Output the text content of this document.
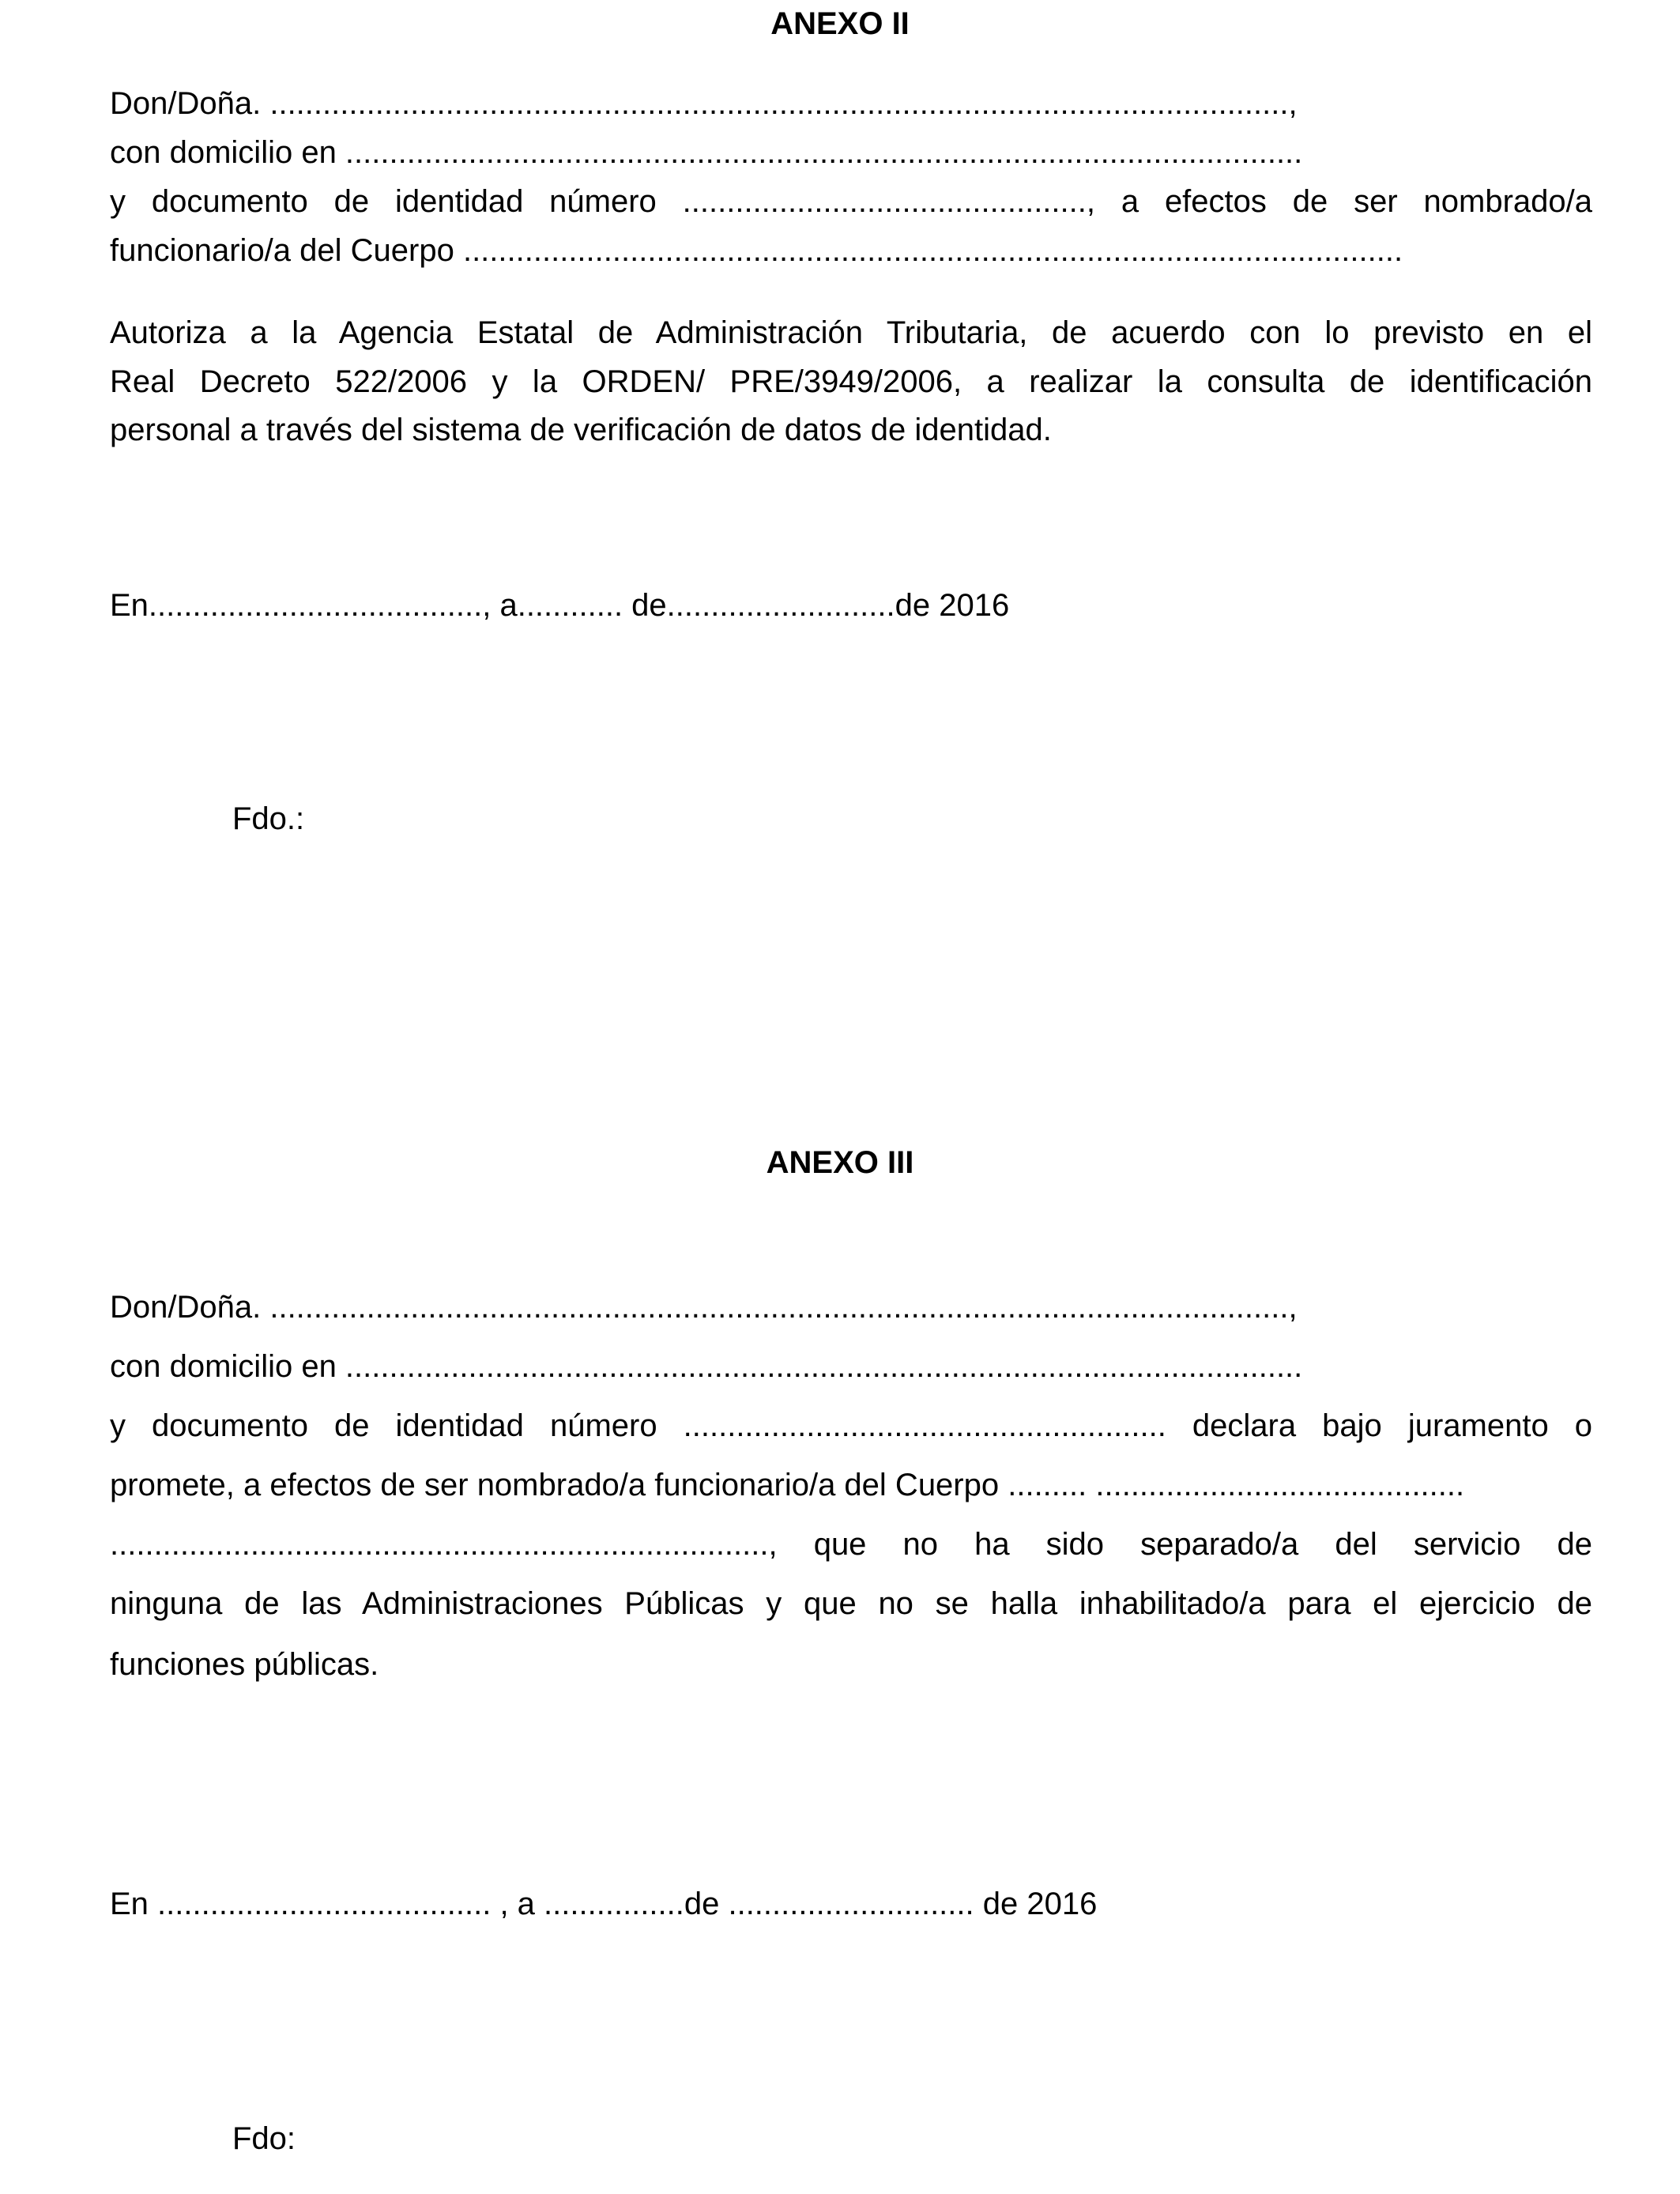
ANEXO II
Don/Doña. ....................................................................................................................,
con domicilio en .............................................................................................................
y documento de identidad número .............................................., a efectos de ser nombrado/a
funcionario/a del Cuerpo ...........................................................................................................
Autoriza a la Agencia Estatal de Administración Tributaria, de acuerdo con lo previsto en el
Real Decreto 522/2006 y la ORDEN/ PRE/3949/2006, a realizar la consulta de identificación
personal a través del sistema de verificación de datos de identidad.
En......................................, a............ de..........................de 2016
Fdo.:
ANEXO III
Don/Doña. ....................................................................................................................,
con domicilio en .............................................................................................................
y documento de identidad número ....................................................... declara bajo juramento o
promete, a efectos de ser nombrado/a funcionario/a del Cuerpo ......... ..........................................
..........................................................................., que no ha sido separado/a del servicio de
ninguna de las Administraciones Públicas y que no se halla inhabilitado/a para el ejercicio de
funciones públicas.
En ...................................... , a ................de ............................ de 2016
Fdo:
